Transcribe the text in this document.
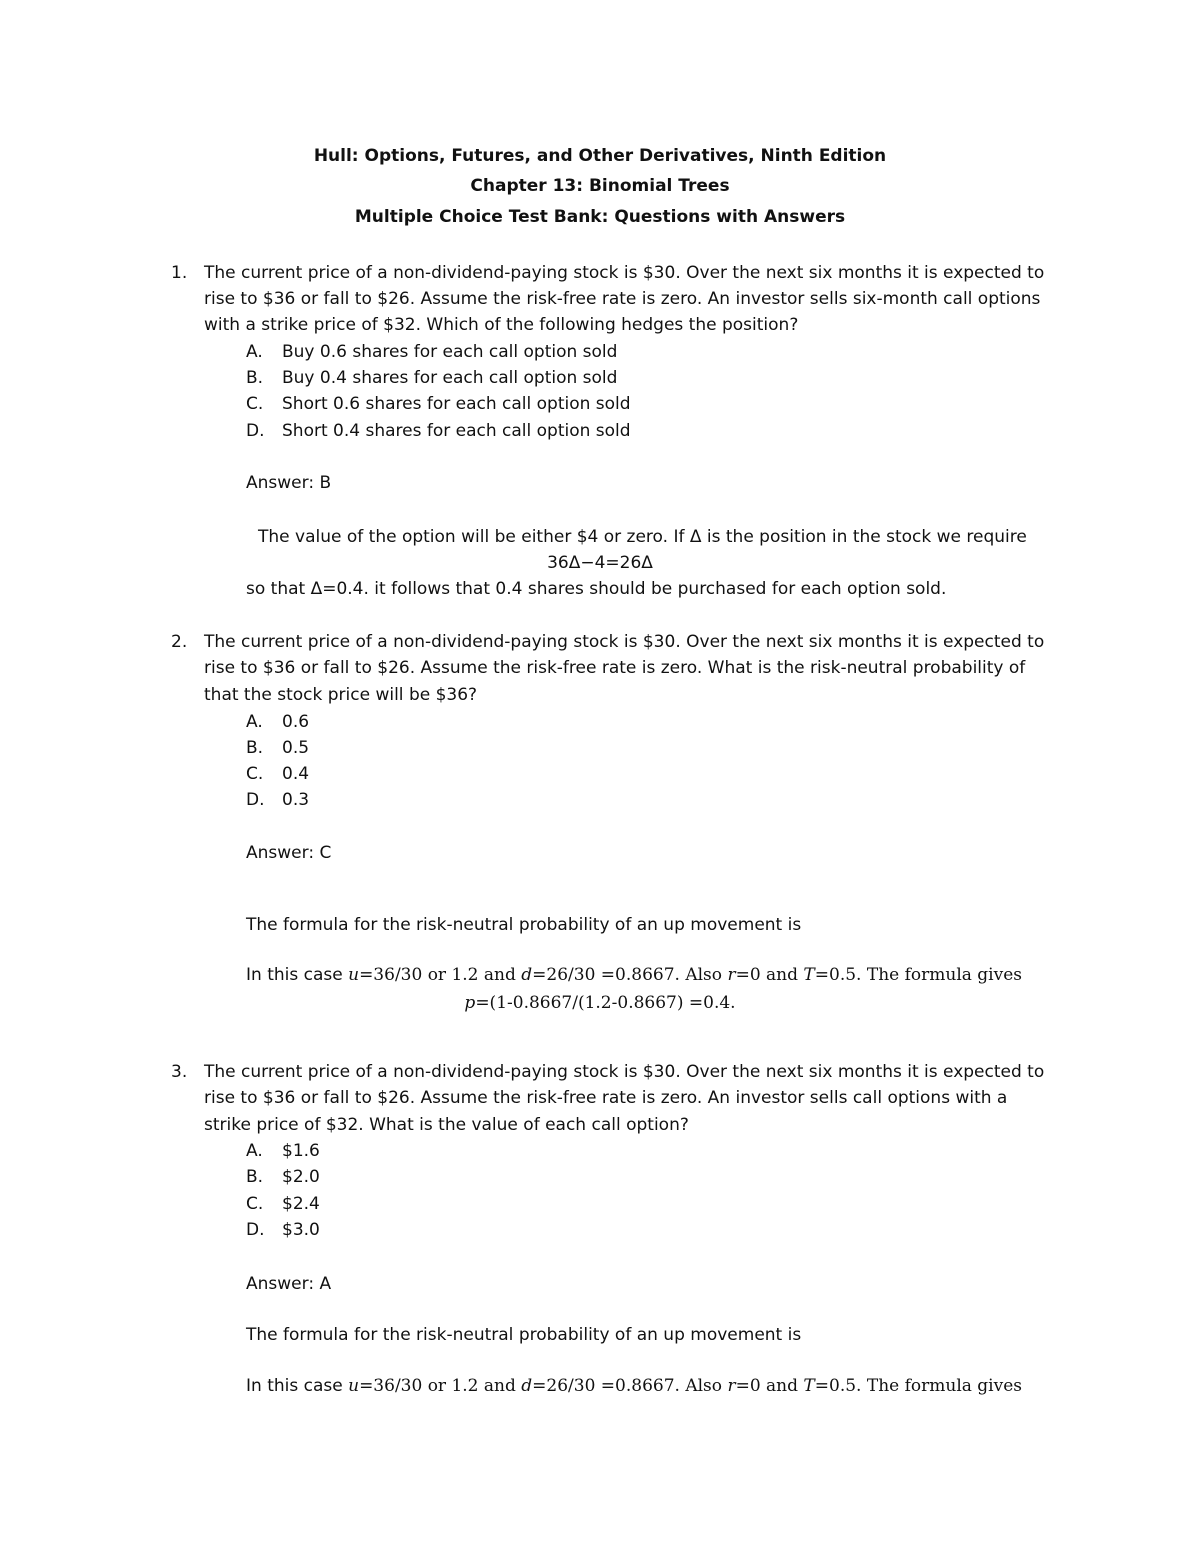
Hull: Options, Futures, and Other Derivatives, Ninth Edition
Chapter 13: Binomial Trees
Multiple Choice Test Bank: Questions with Answers
1. The current price of a non-dividend-paying stock is $30. Over the next six months it is expected to
rise to $36 or fall to $26. Assume the risk-free rate is zero. An investor sells six-month call options
with a strike price of $32. Which of the following hedges the position?
A. Buy 0.6 shares for each call option sold
B. Buy 0.4 shares for each call option sold
C. Short 0.6 shares for each call option sold
D. Short 0.4 shares for each call option sold
Answer: B
The value of the option will be either $4 or zero. If Δ is the position in the stock we require
36Δ−4=26Δ
so that Δ=0.4. it follows that 0.4 shares should be purchased for each option sold.
2. The current price of a non-dividend-paying stock is $30. Over the next six months it is expected to
rise to $36 or fall to $26. Assume the risk-free rate is zero. What is the risk-neutral probability of
that the stock price will be $36?
A. 0.6
B. 0.5
C. 0.4
D. 0.3
Answer: C
The formula for the risk-neutral probability of an up movement is
In this case u=36/30 or 1.2 and d=26/30 =0.8667. Also r=0 and T=0.5. The formula gives
p=(1-0.8667/(1.2-0.8667) =0.4.
3. The current price of a non-dividend-paying stock is $30. Over the next six months it is expected to
rise to $36 or fall to $26. Assume the risk-free rate is zero. An investor sells call options with a
strike price of $32. What is the value of each call option?
A. $1.6
B. $2.0
C. $2.4
D. $3.0
Answer: A
The formula for the risk-neutral probability of an up movement is
In this case u=36/30 or 1.2 and d=26/30 =0.8667. Also r=0 and T=0.5. The formula gives
